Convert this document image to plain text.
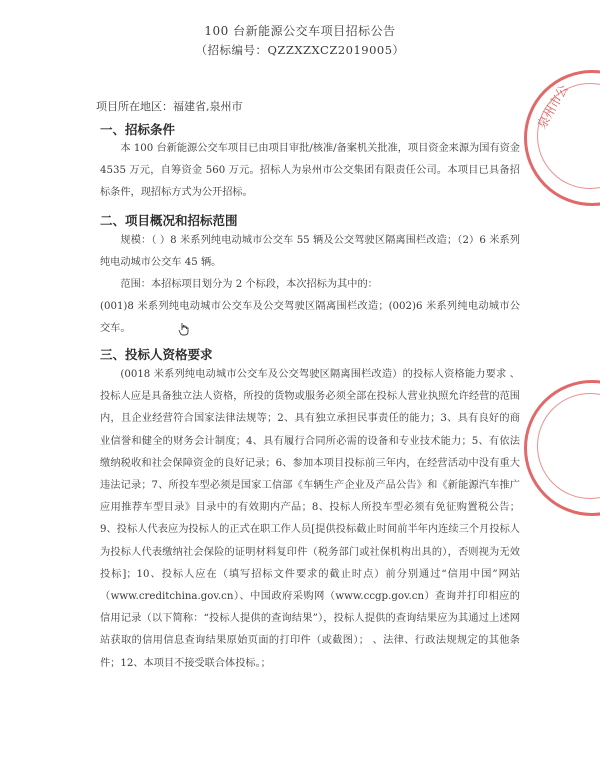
100 台新能源公交车项目招标公告
（招标编号：QZZXZXCZ2019005）
项目所在地区：福建省,泉州市
一、招标条件
本 100 台新能源公交车项目已由项目审批/核准/备案机关批准，项目资金来源为国有资金 4535 万元，自筹资金 560 万元。招标人为泉州市公交集团有限责任公司。本项目已具备招标条件，现招标方式为公开招标。
二、项目概况和招标范围
规模：（ ）8 米系列纯电动城市公交车 55 辆及公交驾驶区隔离围栏改造；（2）6 米系列纯电动城市公交车 45 辆。
范围：本招标项目划分为 2 个标段，本次招标为其中的：
(001)8 米系列纯电动城市公交车及公交驾驶区隔离围栏改造；(002)6 米系列纯电动城市公交车。
三、投标人资格要求
(0018 米系列纯电动城市公交车及公交驾驶区隔离围栏改造）的投标人资格能力要求 、投标人应是具备独立法人资格，所投的货物或服务必须全部在投标人营业执照允许经营的范围内，且企业经营符合国家法律法规等；2、具有独立承担民事责任的能力；3、具有良好的商业信誉和健全的财务会计制度；4、具有履行合同所必需的设备和专业技术能力；5、有依法缴纳税收和社会保障资金的良好记录；6、参加本项目投标前三年内，在经营活动中没有重大违法记录；7、所投车型必须是国家工信部《车辆生产企业及产品公告》和《新能源汽车推广应用推荐车型目录》目录中的有效期内产品；8、投标人所投车型必须有免征购置税公告；9、投标人代表应为投标人的正式在职工作人员[提供投标截止时间前半年内连续三个月投标人为投标人代表缴纳社会保险的证明材料复印件（税务部门或社保机构出具的），否则视为无效投标]；10、投标人应在（填写招标文件要求的截止时点）前分别通过“信用中国”网站（www.creditchina.gov.cn）、中国政府采购网（www.ccgp.gov.cn）查询并打印相应的信用记录（以下简称：“投标人提供的查询结果”），投标人提供的查询结果应为其通过上述网站获取的信用信息查询结果原始页面的打印件（或截图）； 、法律、行政法规规定的其他条件；12、本项目不接受联合体投标。；
泉州市公
